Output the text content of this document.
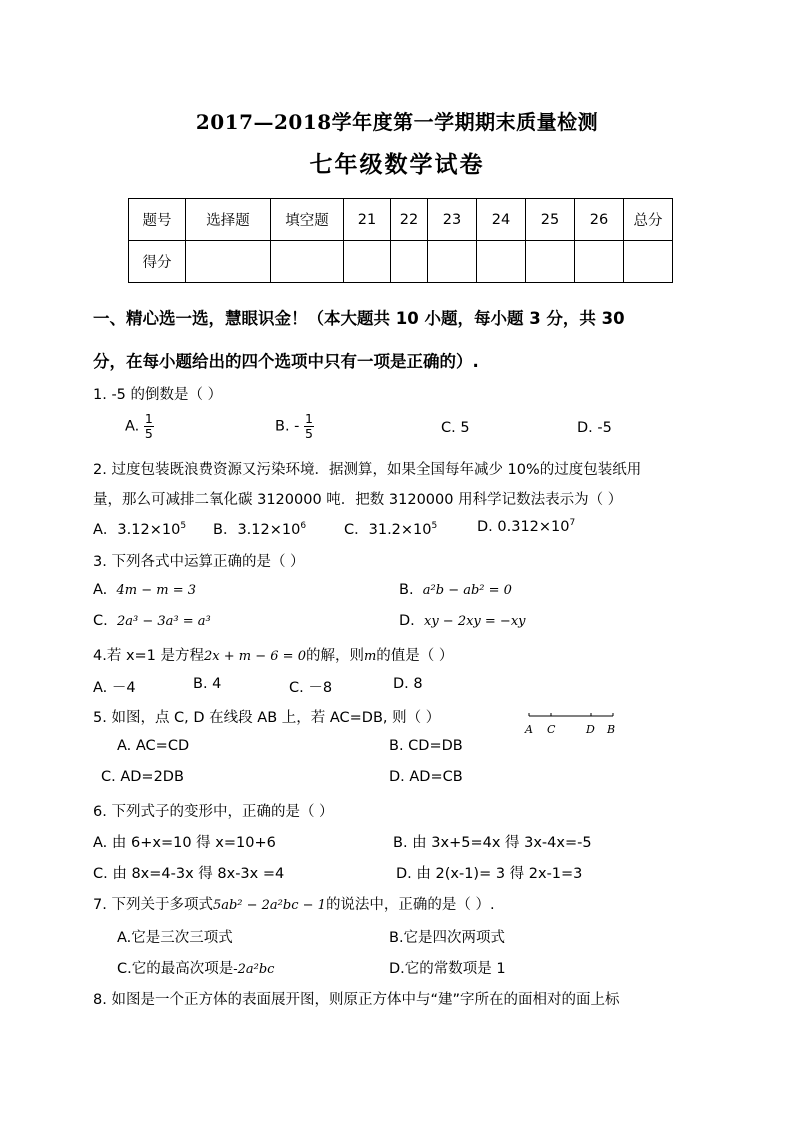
2017—2018学年度第一学期期末质量检测
七年级数学试卷
题号	选择题	填空题	21	22	23	24	25	26	总分
得分									
一、精心选一选，慧眼识金！（本大题共 10 小题，每小题 3 分，共 30
分，在每小题给出的四个选项中只有一项是正确的）.
1. -5 的倒数是（ ）
A. $\frac{1}{5}$	B. - $\frac{1}{5}$	C. 5	D. -5
2. 过度包装既浪费资源又污染环境．据测算，如果全国每年减少 10%的过度包装纸用
量，那么可减排二氧化碳 3120000 吨．把数 3120000 用科学记数法表示为（ ）
A．$3.12\times 10^5$ B．$3.12\times 10^6$	C．$31.2\times 10^5$	D. $0.312\times 10^7$
3. 下列各式中运算正确的是（ ）
A. 4m − m = 3	B. a²b − ab² = 0
C. 2a³ − 3a³ = a³	D. xy − 2xy = −xy
4.若 x=1 是方程2x + m − 6 = 0的解，则m的值是（ ）
A. －4	B. 4	C. －8	D. 8
5. 如图，点 C, D 在线段 AB 上，若 AC=DB, 则（ ）
A C	D B
A. AC=CD	B. CD=DB
C. AD=2DB	D. AD=CB
6. 下列式子的变形中，正确的是（ ）
A. 由 6+x=10 得 x=10+6	B. 由 3x+5=4x 得 3x-4x=-5
C. 由 8x=4-3x 得 8x-3x =4	D. 由 2(x-1)= 3 得 2x-1=3
7. 下列关于多项式5ab² − 2a²bc − 1的说法中，正确的是（ ）.
A.它是三次三项式	B.它是四次两项式
C.它的最高次项是-2a²bc	D.它的常数项是 1
8. 如图是一个正方体的表面展开图，则原正方体中与“建”字所在的面相对的面上标
